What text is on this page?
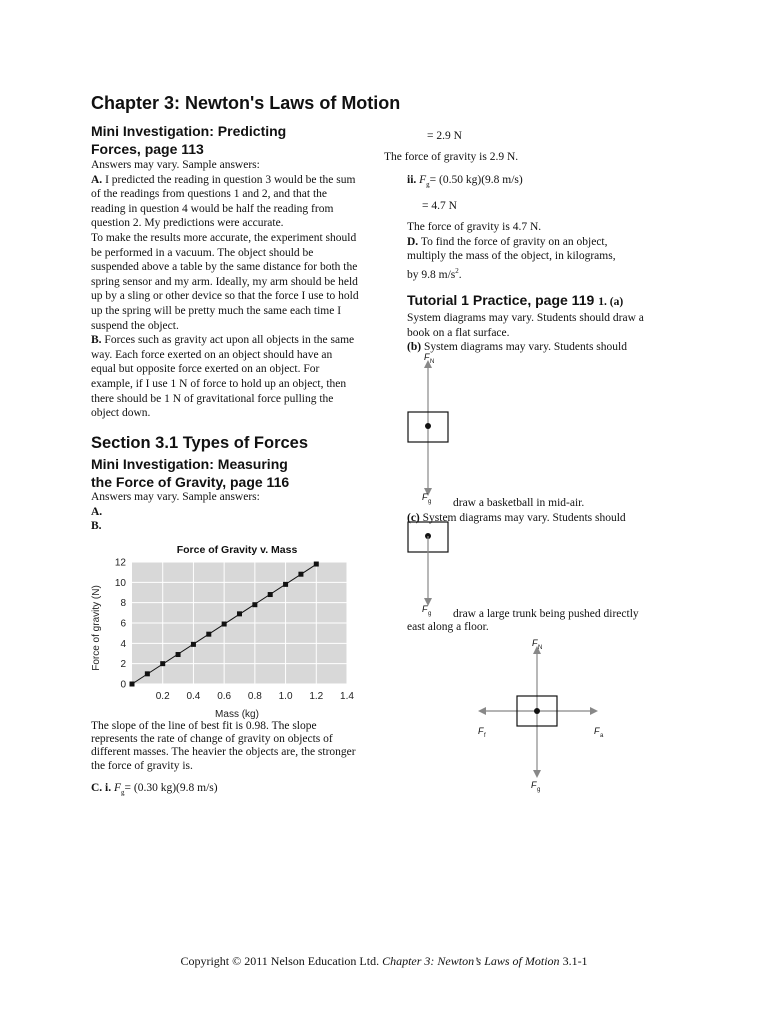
Chapter 3: Newton's Laws of Motion
Mini Investigation: Predicting
Forces, page 113

Answers may vary. Sample answers:

A. I predicted the reading in question 3 would be the sum of the readings from questions 1 and 2, and that the reading in question 4 would be half the reading from question 2. My predictions were accurate.

To make the results more accurate, the experiment should be performed in a vacuum. The object should be suspended above a table by the same distance for both the spring sensor and my arm. Ideally, my arm should be held up by a sling or other device so that the force I use to hold up the spring will be pretty much the same each time I suspend the object.

B. Forces such as gravity act upon all objects in the same way. Each force exerted on an object should have an equal but opposite force exerted on an object. For example, if I use 1 N of force to hold up an object, then there should be 1 N of gravitational force pulling the object down.

Section 3.1 Types of Forces
Mini Investigation: Measuring
the Force of Gravity, page 116

Answers may vary. Sample answers:

A.

B.

Force of Gravity v. Mass
0
2
4
6
8
10
12
0.2 0.4 0.6 0.8 1.0 1.2 1.4
Mass (kg)
Force of gravity (N)
The slope of the line of best fit is 0.98. The slope represents the rate of change of gravity on objects of different masses. The heavier the objects are, the stronger the force of gravity is.
C. i. $F_g= (0.30$ kg)(9.8 m/s)
= 2.9 N
The force of gravity is 2.9 N.
ii. $F_g= (0.50$ kg)(9.8 m/s)
= 4.7 N

The force of gravity is 4.7 N.

D. To find the force of gravity on an object,

multiply the mass of the object, in kilograms,

by 9.8 $m/s^2$.

Tutorial 1 Practice, page 119 1. (a)

System diagrams may vary. Students should draw a

book on a flat surface.

(b) System diagrams may vary. Students should

F N
F g draw a basketball in mid-air.
(c) System diagrams may vary. Students should
F g draw a large trunk being pushed directly
east along a floor.
F N
F f	F a
F g
Copyright © 2011 Nelson Education Ltd. Chapter 3: Newton’s Laws of Motion 3.1-1
